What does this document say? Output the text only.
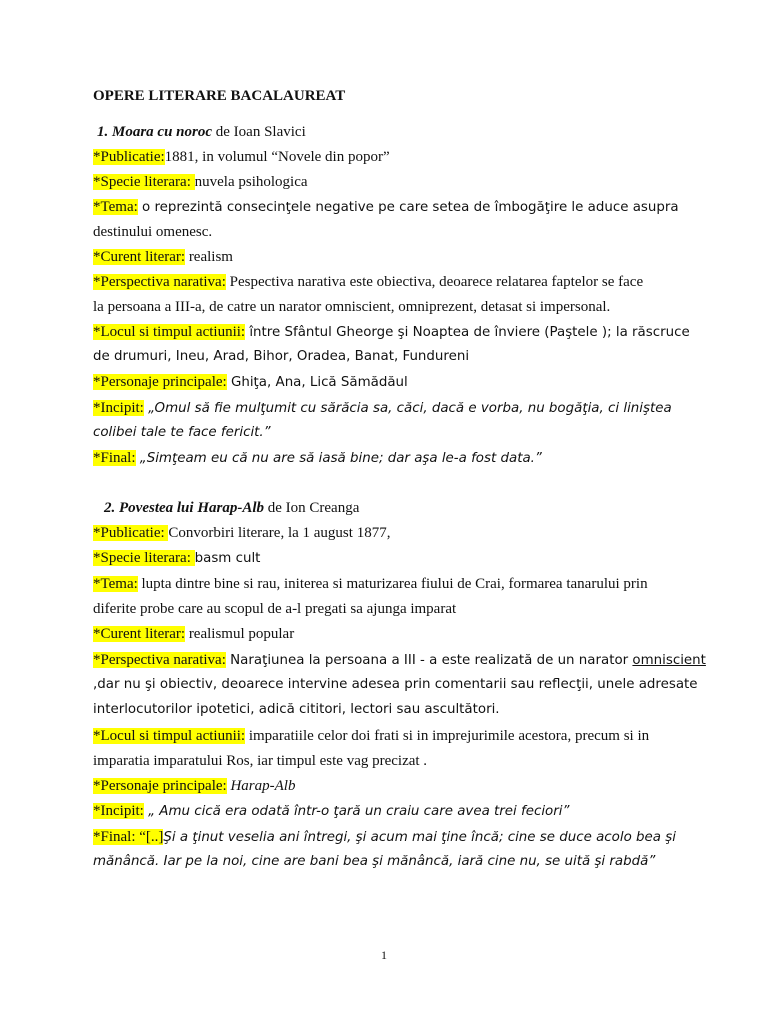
OPERE LITERARE BACALAUREAT
1. Moara cu noroc de Ioan Slavici
*Publicatie:1881, in volumul “Novele din popor”
*Specie literara: nuvela psihologica
*Tema: o reprezintă consecinţele negative pe care setea de îmbogăţire le aduce asupra
destinului omenesc.
*Curent literar: realism
*Perspectiva narativa: Pespectiva narativa este obiectiva, deoarece relatarea faptelor se face
la persoana a III-a, de catre un narator omniscient, omniprezent, detasat si impersonal.
*Locul si timpul actiunii: între Sfântul Gheorge şi Noaptea de înviere (Paştele ); la răscruce
de drumuri, Ineu, Arad, Bihor, Oradea, Banat, Fundureni
*Personaje principale: Ghiţa, Ana, Lică Sămădăul
*Incipit: „Omul să fie mulţumit cu sărăcia sa, căci, dacă e vorba, nu bogăţia, ci liniştea
colibei tale te face fericit.”
*Final: „Simţeam eu că nu are să iasă bine; dar aşa le-a fost data.”
2. Povestea lui Harap-Alb de Ion Creanga
*Publicatie: Convorbiri literare, la 1 august 1877,
*Specie literara: basm cult
*Tema: lupta dintre bine si rau, initerea si maturizarea fiului de Crai, formarea tanarului prin
diferite probe care au scopul de a-l pregati sa ajunga imparat
*Curent literar: realismul popular
*Perspectiva narativa: Naraţiunea la persoana a III - a este realizată de un narator omniscient
,dar nu şi obiectiv, deoarece intervine adesea prin comentarii sau reflecţii, unele adresate
interlocutorilor ipotetici, adică cititori, lectori sau ascultători.
*Locul si timpul actiunii: imparatiile celor doi frati si in imprejurimile acestora, precum si in
imparatia imparatului Ros, iar timpul este vag precizat .
*Personaje principale: Harap-Alb
*Incipit: „ Amu cică era odată într-o ţară un craiu care avea trei feciori”
*Final: “[..]Şi a ţinut veselia ani întregi, şi acum mai ţine încă; cine se duce acolo bea şi
mănâncă. Iar pe la noi, cine are bani bea şi mănâncă, iară cine nu, se uită şi rabdă”
1
